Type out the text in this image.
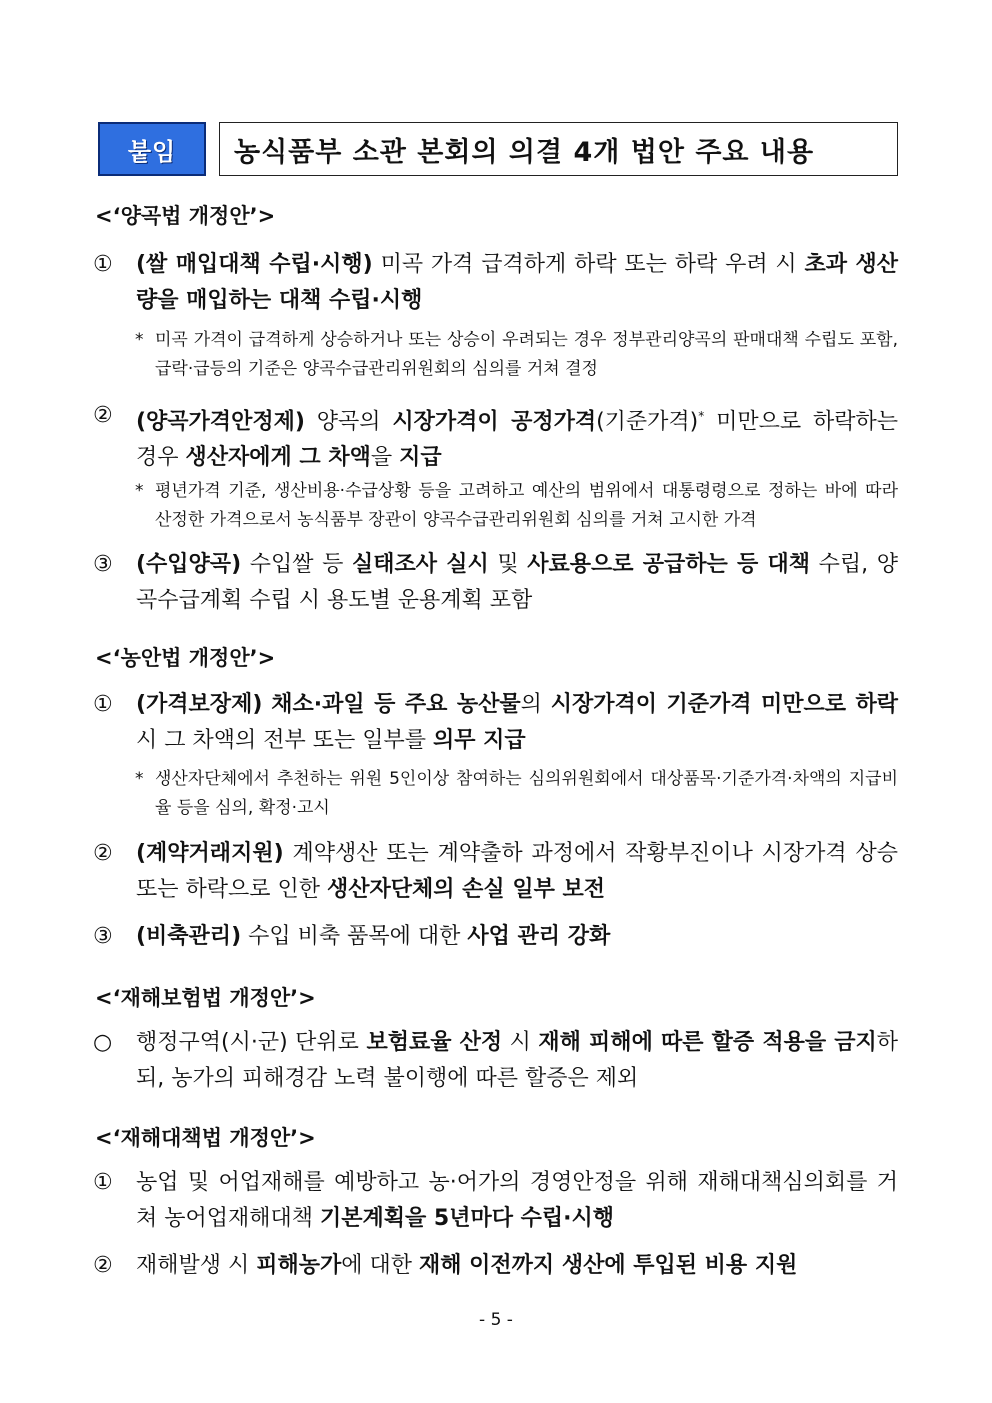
붙임	농식품부 소관 본회의 의결 4개 법안 주요 내용
<‘양곡법 개정안’>
①	(쌀 매입대책 수립·시행) 미곡 가격 급격하게 하락 또는 하락 우려 시 초과 생산량을 매입하는 대책 수립·시행
* 미곡 가격이 급격하게 상승하거나 또는 상승이 우려되는 경우 정부관리양곡의 판매대책 수립도 포함, 급락·급등의 기준은 양곡수급관리위원회의 심의를 거쳐 결정
②	(양곡가격안정제) 양곡의 시장가격이 공정가격(기준가격)* 미만으로 하락하는 경우 생산자에게 그 차액을 지급
* 평년가격 기준, 생산비용·수급상황 등을 고려하고 예산의 범위에서 대통령령으로 정하는 바에 따라 산정한 가격으로서 농식품부 장관이 양곡수급관리위원회 심의를 거쳐 고시한 가격
③	(수입양곡) 수입쌀 등 실태조사 실시 및 사료용으로 공급하는 등 대책 수립, 양곡수급계획 수립 시 용도별 운용계획 포함
<‘농안법 개정안’>
①	(가격보장제) 채소·과일 등 주요 농산물의 시장가격이 기준가격 미만으로 하락 시 그 차액의 전부 또는 일부를 의무 지급
* 생산자단체에서 추천하는 위원 5인이상 참여하는 심의위원회에서 대상품목·기준가격·차액의 지급비율 등을 심의, 확정·고시
②	(계약거래지원) 계약생산 또는 계약출하 과정에서 작황부진이나 시장가격 상승 또는 하락으로 인한 생산자단체의 손실 일부 보전
③	(비축관리) 수입 비축 품목에 대한 사업 관리 강화
<‘재해보험법 개정안’>
○	행정구역(시·군) 단위로 보험료율 산정 시 재해 피해에 따른 할증 적용을 금지하되, 농가의 피해경감 노력 불이행에 따른 할증은 제외
<‘재해대책법 개정안’>
①	농업 및 어업재해를 예방하고 농·어가의 경영안정을 위해 재해대책심의회를 거쳐 농어업재해대책 기본계획을 5년마다 수립·시행
②	재해발생 시 피해농가에 대한 재해 이전까지 생산에 투입된 비용 지원
- 5 -
